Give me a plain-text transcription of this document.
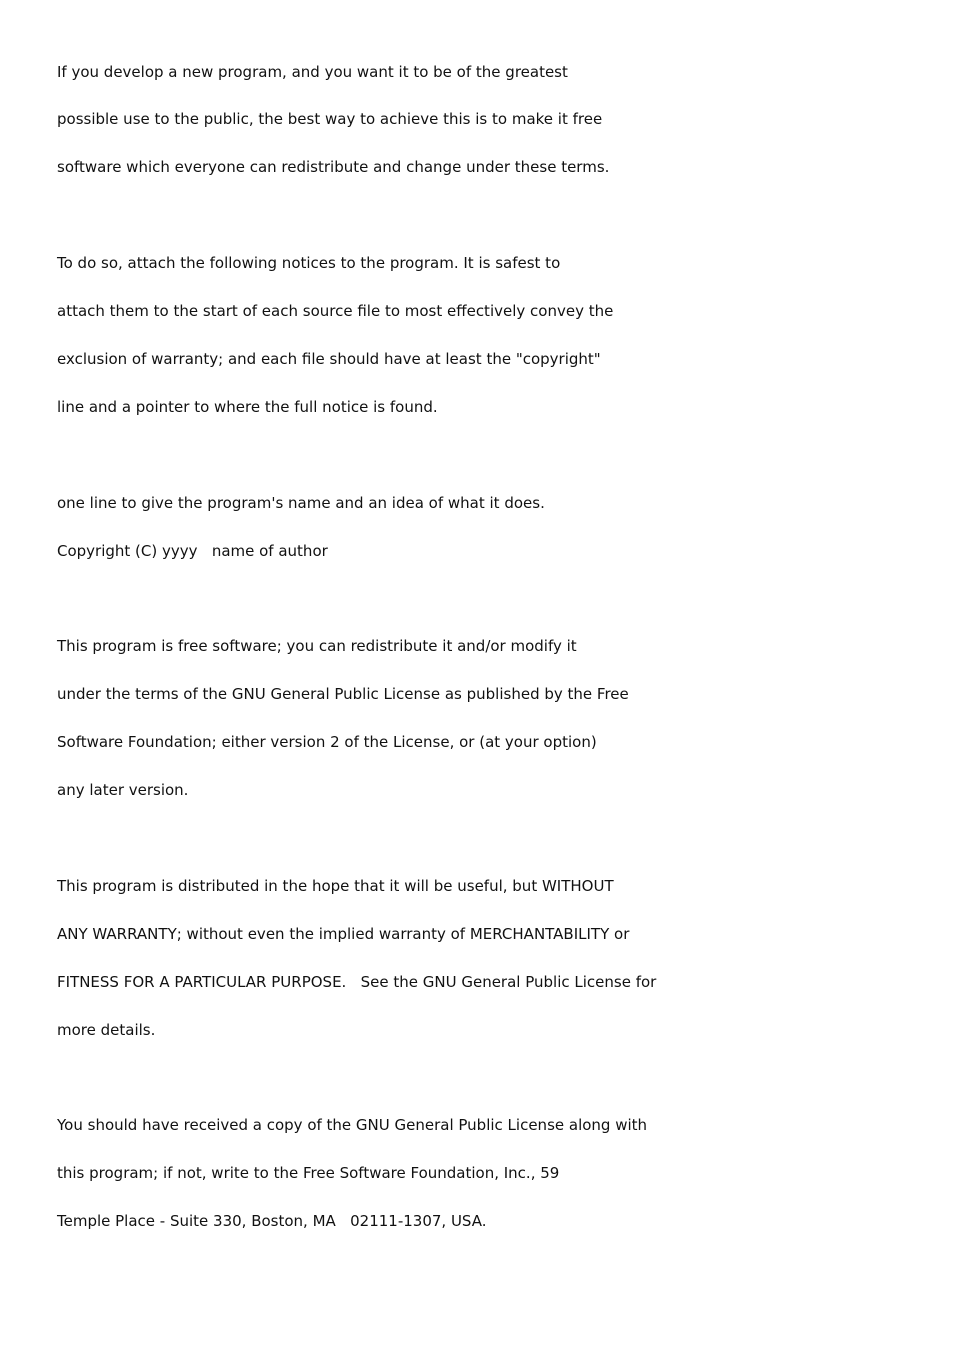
If you develop a new program, and you want it to be of the greatest

possible use to the public, the best way to achieve this is to make it free

software which everyone can redistribute and change under these terms.

To do so, attach the following notices to the program. It is safest to

attach them to the start of each source file to most effectively convey the

exclusion of warranty; and each file should have at least the "copyright"

line and a pointer to where the full notice is found.

one line to give the program's name and an idea of what it does.

Copyright (C) yyyy   name of author

This program is free software; you can redistribute it and/or modify it

under the terms of the GNU General Public License as published by the Free

Software Foundation; either version 2 of the License, or (at your option)

any later version.

This program is distributed in the hope that it will be useful, but WITHOUT

ANY WARRANTY; without even the implied warranty of MERCHANTABILITY or

FITNESS FOR A PARTICULAR PURPOSE.   See the GNU General Public License for

more details.

You should have received a copy of the GNU General Public License along with

this program; if not, write to the Free Software Foundation, Inc., 59

Temple Place - Suite 330, Boston, MA   02111-1307, USA.
